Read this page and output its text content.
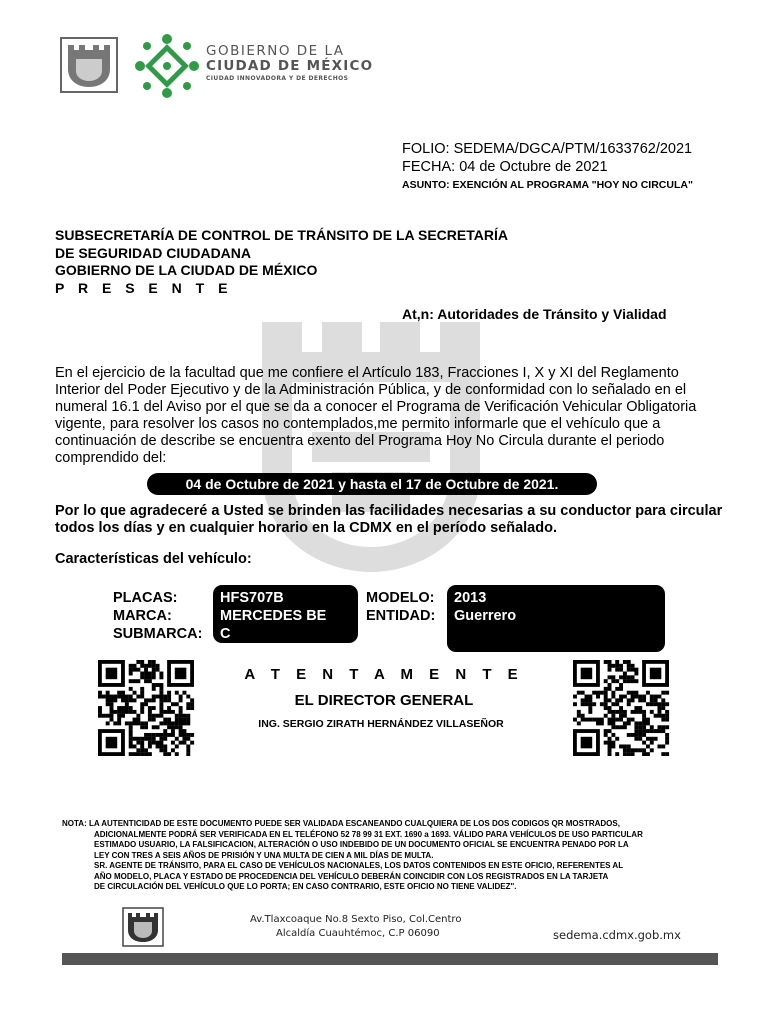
GOBIERNO DE LA
CIUDAD DE MÉXICO
CIUDAD INNOVADORA Y DE DERECHOS
FOLIO: SEDEMA/DGCA/PTM/1633762/2021
FECHA: 04 de Octubre de 2021
ASUNTO: EXENCIÓN AL PROGRAMA "HOY NO CIRCULA"
SUBSECRETARÍA DE CONTROL DE TRÁNSITO DE LA SECRETARÍA
DE SEGURIDAD CIUDADANA
GOBIERNO DE LA CIUDAD DE MÉXICO
P R E S E N T E
At,n: Autoridades de Tránsito y Vialidad
En el ejercicio de la facultad que me confiere el Artículo 183, Fracciones I, X y XI del Reglamento Interior del Poder Ejecutivo y de la Administración Pública, y de conformidad con lo señalado en el numeral 16.1 del Aviso por el que se da a conocer el Programa de Verificación Vehicular Obligatoria vigente, para resolver los casos no contemplados,me permito informarle que el vehículo que a continuación de describe se encuentra exento del Programa Hoy No Circula durante el periodo comprendido del:
04 de Octubre de 2021 y hasta el 17 de Octubre de 2021.
Por lo que agradeceré a Usted se brinden las facilidades necesarias a su conductor para circular todos los días y en cualquier horario en la CDMX en el período señalado.
Características del vehículo:
PLACAS:
MARCA:
SUBMARCA:
HFS707B
MERCEDES BE
C
MODELO:
ENTIDAD:
2013
Guerrero
A T E N T A M E N T E
EL DIRECTOR GENERAL
ING. SERGIO ZIRATH HERNÁNDEZ VILLASEÑOR
NOTA: LA AUTENTICIDAD DE ESTE DOCUMENTO PUEDE SER VALIDADA ESCANEANDO CUALQUIERA DE LOS DOS CODIGOS QR MOSTRADOS,
ADICIONALMENTE PODRÁ SER VERIFICADA EN EL TELÉFONO 52 78 99 31 EXT. 1690 a 1693. VÁLIDO PARA VEHÍCULOS DE USO PARTICULAR
ESTIMADO USUARIO, LA FALSIFICACION, ALTERACIÓN O USO INDEBIDO DE UN DOCUMENTO OFICIAL SE ENCUENTRA PENADO POR LA
LEY CON TRES A SEIS AÑOS DE PRISIÓN Y UNA MULTA DE CIEN A MIL DÍAS DE MULTA.
SR. AGENTE DE TRÁNSITO, PARA EL CASO DE VEHÍCULOS NACIONALES, LOS DATOS CONTENIDOS EN ESTE OFICIO, REFERENTES AL
AÑO MODELO, PLACA Y ESTADO DE PROCEDENCIA DEL VEHÍCULO DEBERÁN COINCIDIR CON LOS REGISTRADOS EN LA TARJETA
DE CIRCULACIÓN DEL VEHÍCULO QUE LO PORTA; EN CASO CONTRARIO, ESTE OFICIO NO TIENE VALIDEZ".
Av.Tlaxcoaque No.8 Sexto Piso, Col.Centro
Alcaldía Cuauhtémoc, C.P 06090	sedema.cdmx.gob.mx
